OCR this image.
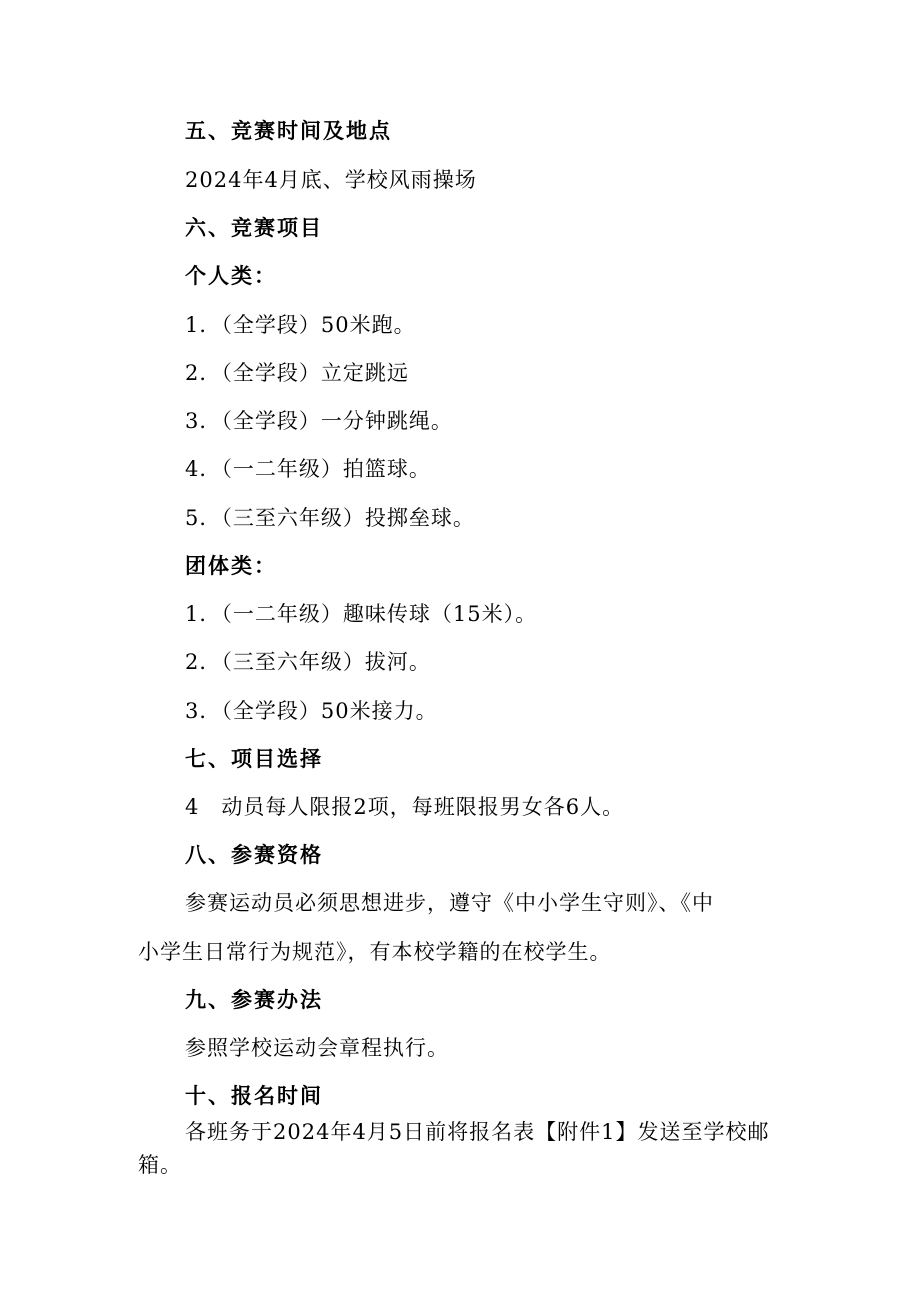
五、竞赛时间及地点
2024年4月底、学校风雨操场
六、竞赛项目
个人类：
1．（全学段）50米跑。
2．（全学段）立定跳远
3．（全学段）一分钟跳绳。
4．（一二年级）拍篮球。
5．（三至六年级）投掷垒球。
团体类：
1．（一二年级）趣味传球（15米）。
2．（三至六年级）拔河。
3．（全学段）50米接力。
七、项目选择
4　动员每人限报2项，每班限报男女各6人。
八、参赛资格
参赛运动员必须思想进步，遵守《中小学生守则》、《中
小学生日常行为规范》，有本校学籍的在校学生。
九、参赛办法
参照学校运动会章程执行。
十、报名时间
各班务于2024年4月5日前将报名表【附件1】发送至学校邮
箱。
